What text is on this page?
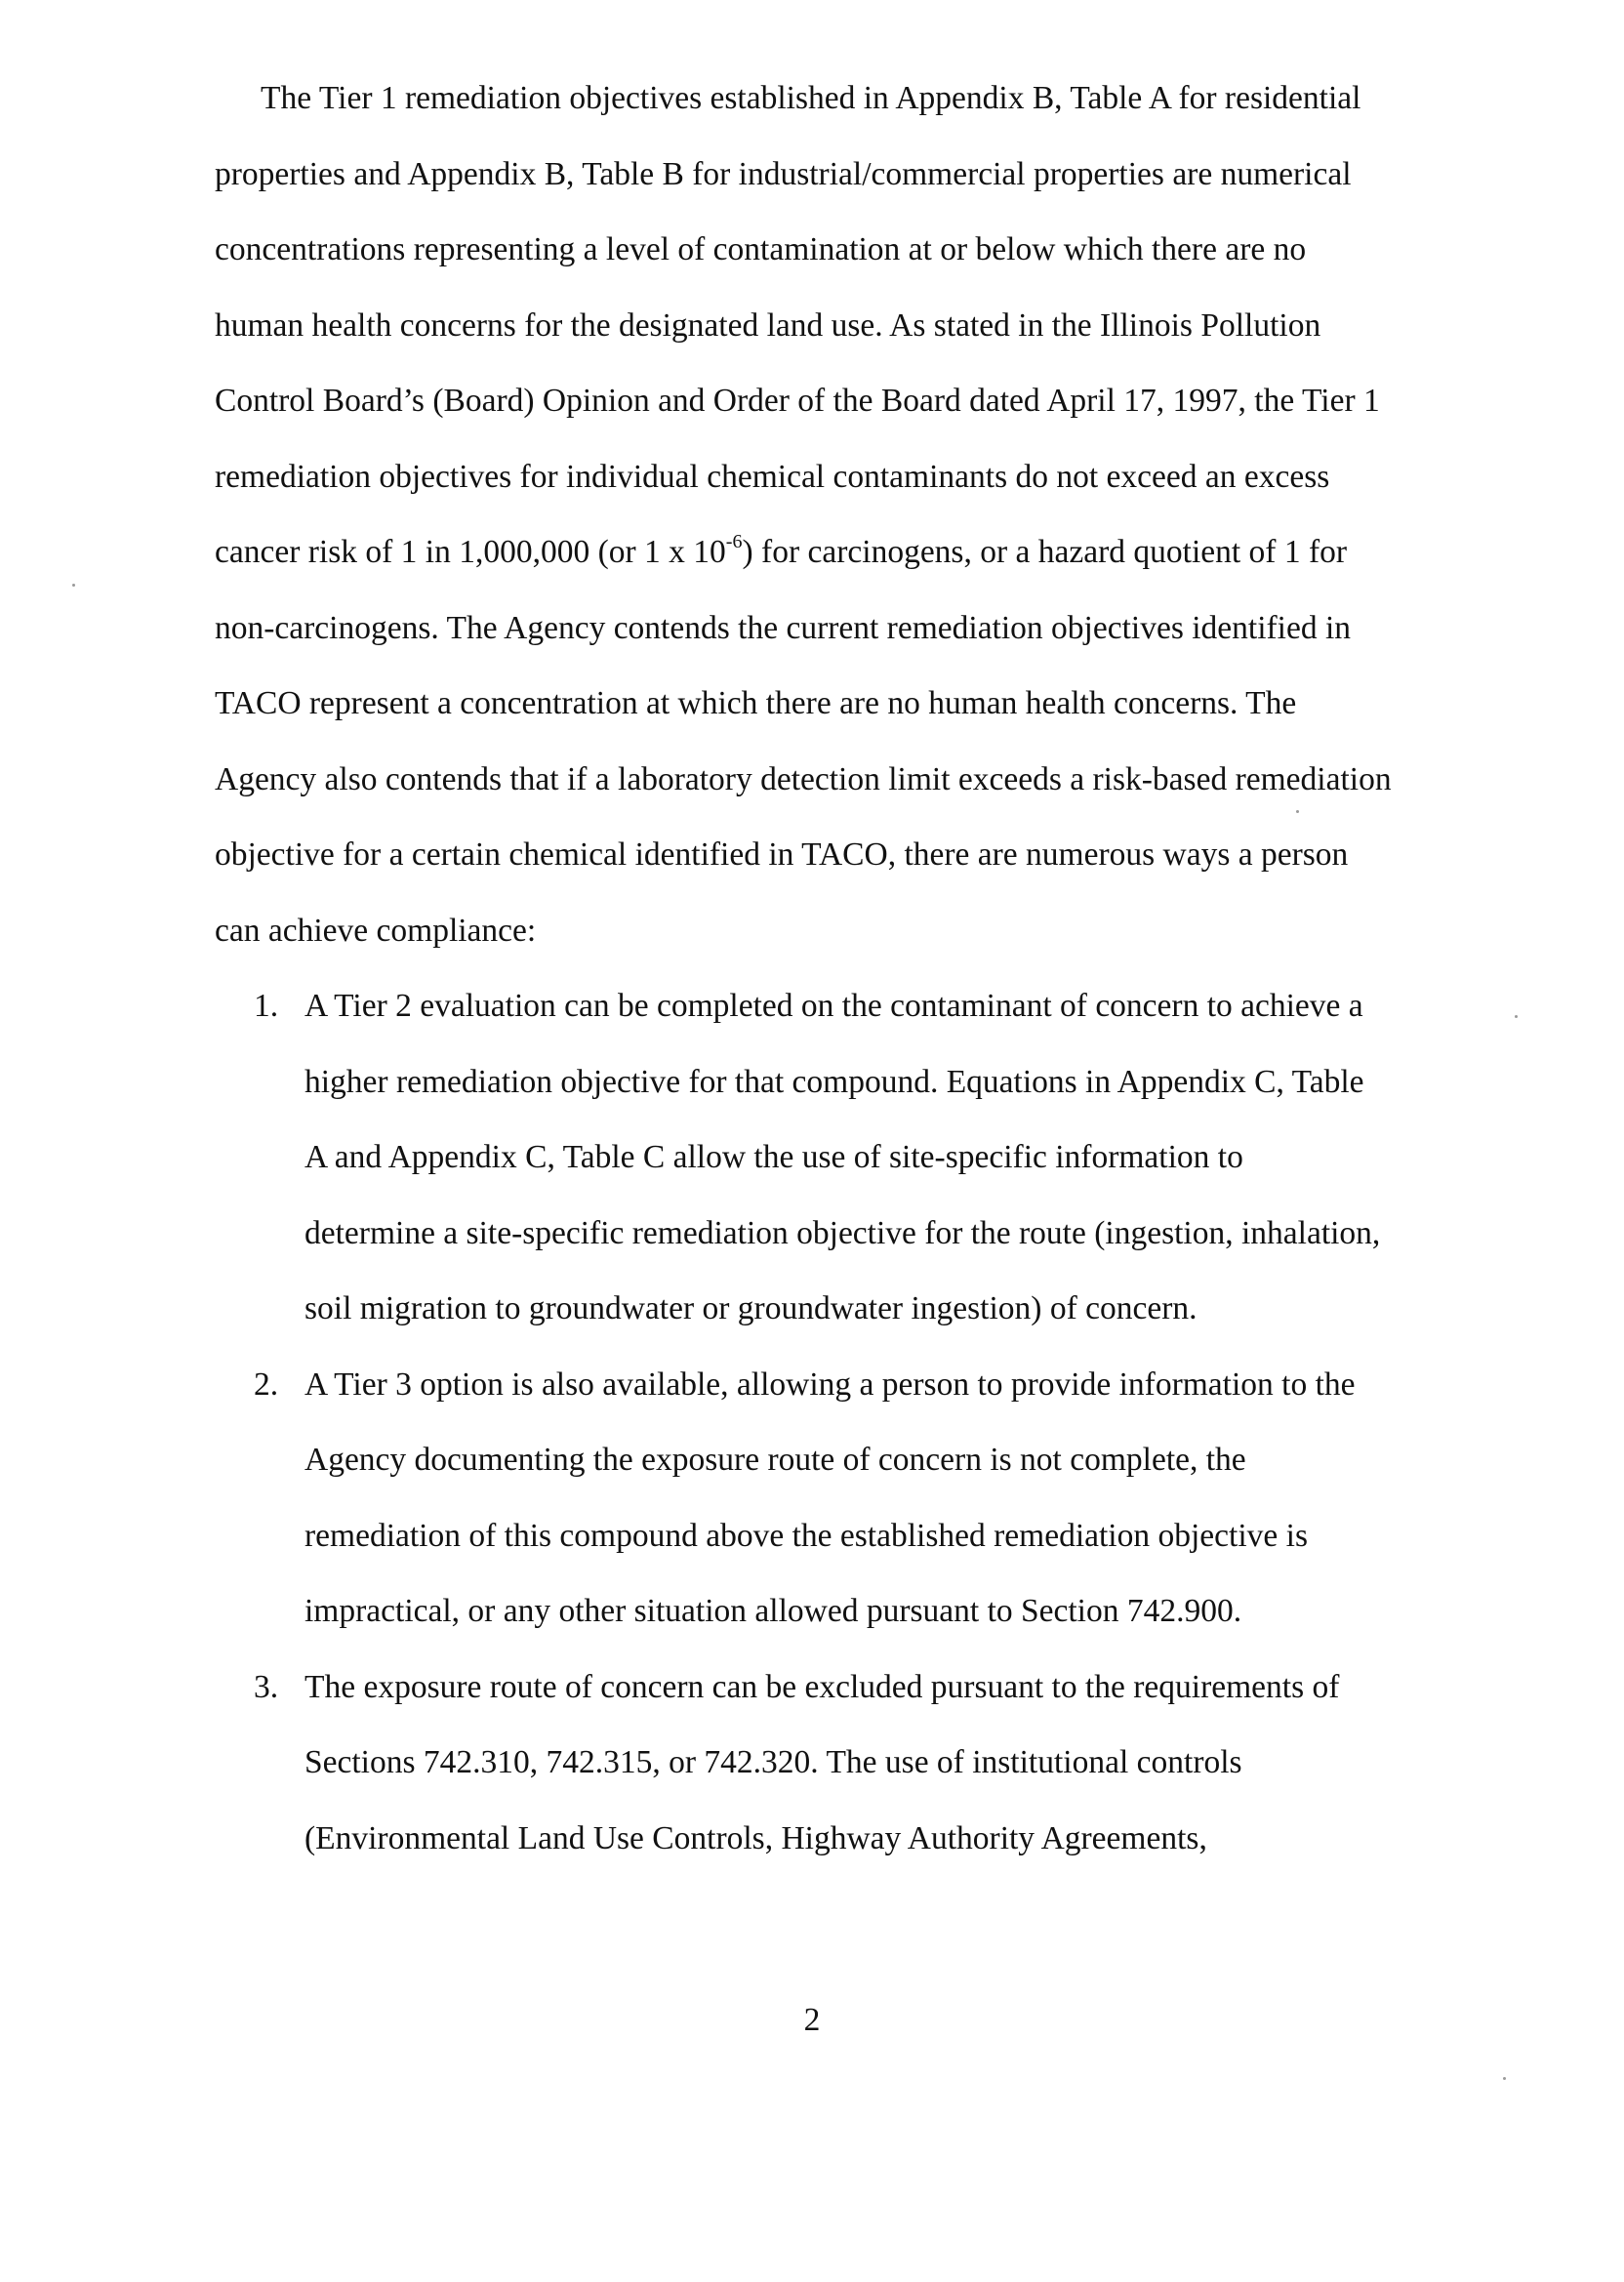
The Tier 1 remediation objectives established in Appendix B, Table A for residential
properties and Appendix B, Table B for industrial/commercial properties are numerical
concentrations representing a level of contamination at or below which there are no
human health concerns for the designated land use. As stated in the Illinois Pollution
Control Board’s (Board) Opinion and Order of the Board dated April 17, 1997, the Tier 1
remediation objectives for individual chemical contaminants do not exceed an excess
cancer risk of 1 in 1,000,000 (or 1 x $10^{-6}$) for carcinogens, or a hazard quotient of 1 for
non-carcinogens. The Agency contends the current remediation objectives identified in
TACO represent a concentration at which there are no human health concerns. The
Agency also contends that if a laboratory detection limit exceeds a risk-based remediation
objective for a certain chemical identified in TACO, there are numerous ways a person
can achieve compliance:
1. A Tier 2 evaluation can be completed on the contaminant of concern to achieve a
higher remediation objective for that compound. Equations in Appendix C, Table
A and Appendix C, Table C allow the use of site-specific information to
determine a site-specific remediation objective for the route (ingestion, inhalation,
soil migration to groundwater or groundwater ingestion) of concern.
2. A Tier 3 option is also available, allowing a person to provide information to the
Agency documenting the exposure route of concern is not complete, the
remediation of this compound above the established remediation objective is
impractical, or any other situation allowed pursuant to Section 742.900.
3. The exposure route of concern can be excluded pursuant to the requirements of
Sections 742.310, 742.315, or 742.320. The use of institutional controls
(Environmental Land Use Controls, Highway Authority Agreements,
2
